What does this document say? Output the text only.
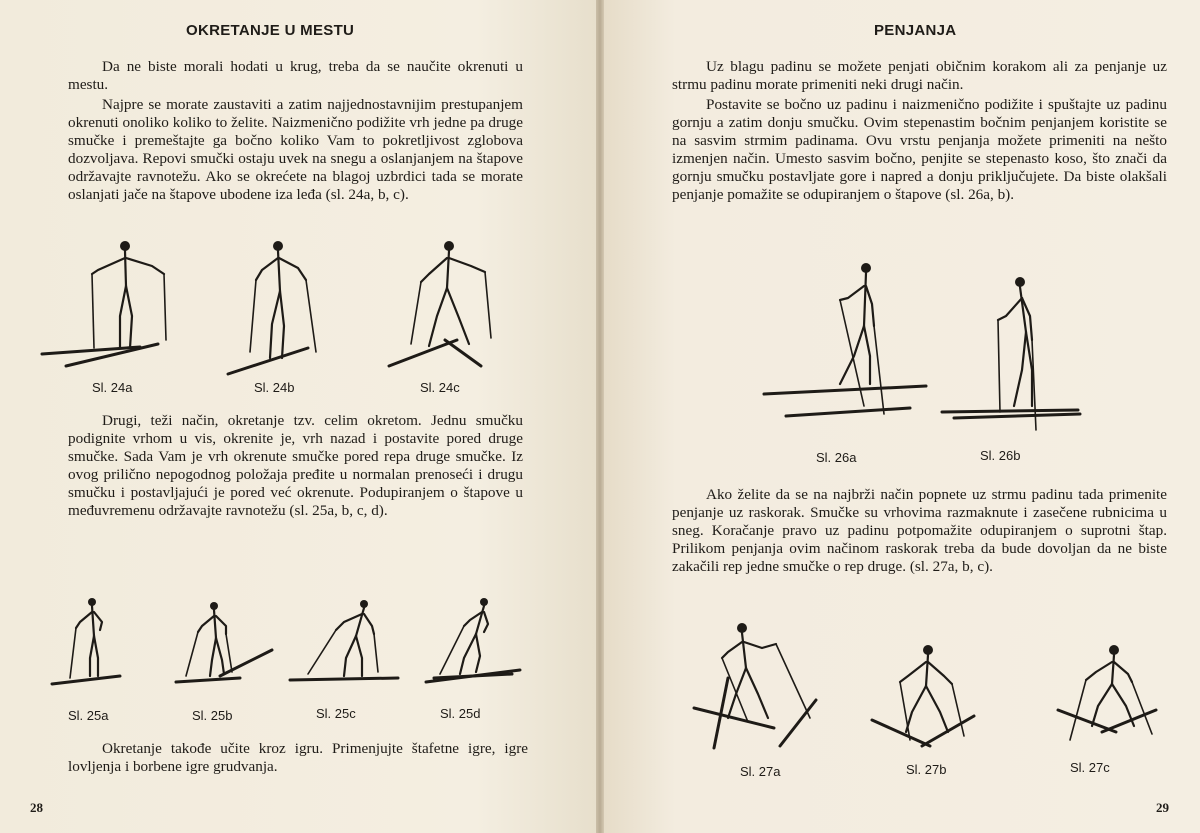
OKRETANJE U MESTU
Da ne biste morali hodati u krug, treba da se naučite okrenuti u mestu.
Najpre se morate zaustaviti a zatim najjednostavnijim prestupanjem okrenuti onoliko koliko to želite. Naizmenično podižite vrh jedne pa druge smučke i premeštajte ga bočno koliko Vam to pokretljivost zglobova dozvoljava. Repovi smučki ostaju uvek na snegu a oslanjanjem na štapove održavajte ravnotežu. Ako se okrećete na blagoj uzbrdici tada se morate oslanjati jače na štapove ubodene iza leđa (sl. 24a, b, c).
Sl. 24a	Sl. 24b	Sl. 24c
Drugi, teži način, okretanje tzv. celim okretom. Jednu smučku podignite vrhom u vis, okrenite je, vrh nazad i postavite pored druge smučke. Sada Vam je vrh okrenute smučke pored repa druge smučke. Iz ovog prilično nepogodnog položaja pređite u normalan prenoseći i drugu smučku i postavljajući je pored već okrenute. Podupiranjem o štapove u međuvremenu održavajte ravnotežu (sl. 25a, b, c, d).
Sl. 25a	Sl. 25b	Sl. 25c	Sl. 25d
Okretanje takođe učite kroz igru. Primenjujte štafetne igre, igre lovljenja i borbene igre grudvanja.
28
PENJANJA
Uz blagu padinu se možete penjati običnim korakom ali za penjanje uz strmu padinu morate primeniti neki drugi način.
Postavite se bočno uz padinu i naizmenično podižite i spuštajte uz padinu gornju a zatim donju smučku. Ovim stepenastim bočnim penjanjem koristite se na sasvim strmim padinama. Ovu vrstu penjanja možete primeniti na nešto izmenjen način. Umesto sasvim bočno, penjite se stepenasto koso, što znači da gornju smučku postavljate gore i napred a donju priključujete. Da biste olakšali penjanje pomažite se odupiranjem o štapove (sl. 26a, b).
Sl. 26a	Sl. 26b
Ako želite da se na najbrži način popnete uz strmu padinu tada primenite penjanje uz raskorak. Smučke su vrhovima razmaknute i zasečene rubnicima u sneg. Koračanje pravo uz padinu potpomažite odupiranjem o suprotni štap. Prilikom penjanja ovim načinom raskorak treba da bude dovoljan da ne biste zakačili rep jedne smučke o rep druge. (sl. 27a, b, c).
Sl. 27a	Sl. 27b	Sl. 27c
29
